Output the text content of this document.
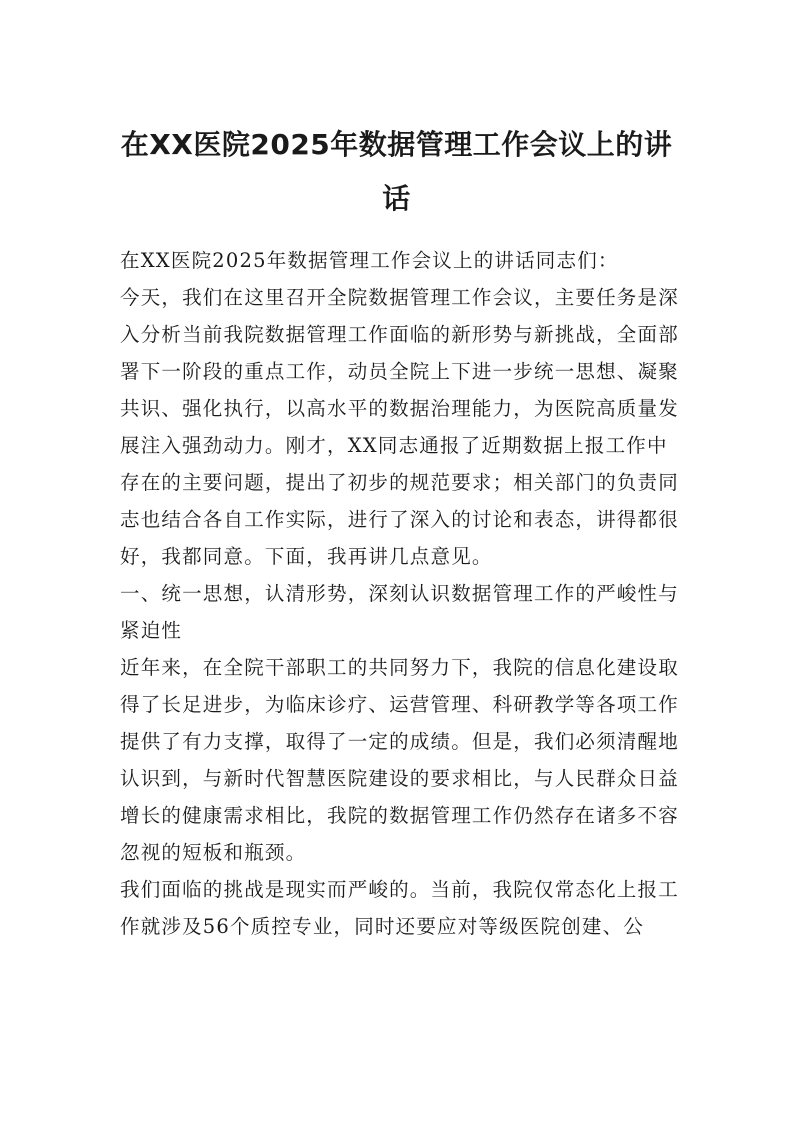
在XX医院2025年数据管理工作会议上的讲
话

在XX医院2025年数据管理工作会议上的讲话同志们：

今天，我们在这里召开全院数据管理工作会议，主要任务是深入分析当前我院数据管理工作面临的新形势与新挑战，全面部署下一阶段的重点工作，动员全院上下进一步统一思想、凝聚共识、强化执行，以高水平的数据治理能力，为医院高质量发展注入强劲动力。刚才，XX同志通报了近期数据上报工作中存在的主要问题，提出了初步的规范要求；相关部门的负责同志也结合各自工作实际，进行了深入的讨论和表态，讲得都很好，我都同意。下面，我再讲几点意见。

一、统一思想，认清形势，深刻认识数据管理工作的严峻性与紧迫性

近年来，在全院干部职工的共同努力下，我院的信息化建设取得了长足进步，为临床诊疗、运营管理、科研教学等各项工作提供了有力支撑，取得了一定的成绩。但是，我们必须清醒地认识到，与新时代智慧医院建设的要求相比，与人民群众日益增长的健康需求相比，我院的数据管理工作仍然存在诸多不容忽视的短板和瓶颈。

我们面临的挑战是现实而严峻的。当前，我院仅常态化上报工作就涉及56个质控专业，同时还要应对等级医院创建、公
